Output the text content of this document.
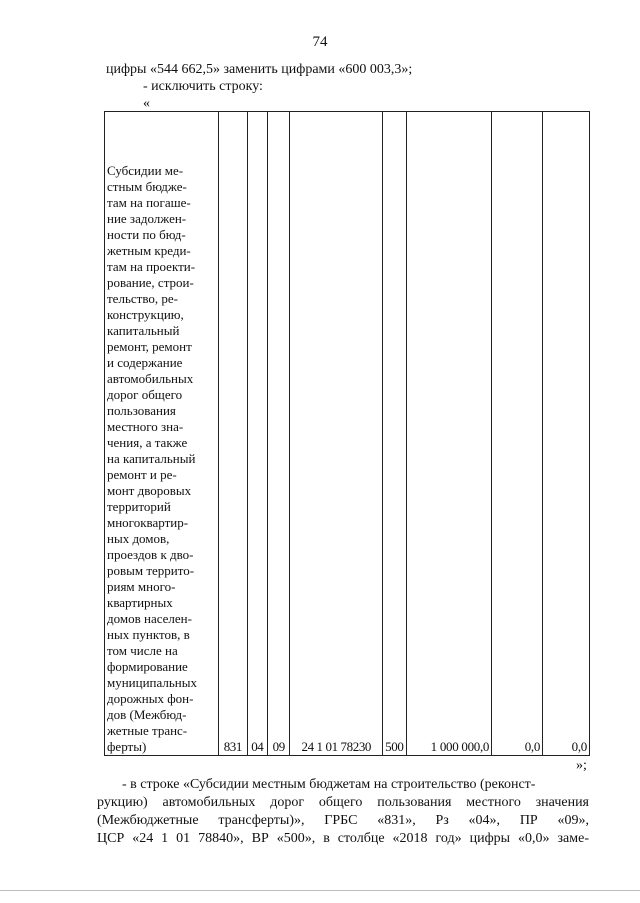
74
цифры «544 662,5» заменить цифрами «600 003,3»;
- исключить строку:
«
Субсидии ме-
стным бюдже-
там на погаше-
ние задолжен-
ности по бюд-
жетным креди-
там на проекти-
рование, строи-
тельство, ре-
конструкцию,
капитальный
ремонт, ремонт
и содержание
автомобильных
дорог общего
пользования
местного зна-
чения, а также
на капитальный
ремонт и ре-
монт дворовых
территорий
многоквартир-
ных домов,
проездов к дво-
ровым террито-
риям много-
квартирных
домов населен-
ных пунктов, в
том числе на
формирование
муниципальных
дорожных фон-
дов (Межбюд-
жетные транс-
ферты)	831	04	09	24 1 01 78230	500	1 000 000,0	0,0	0,0
»;
- в строке «Субсидии местным бюджетам на строительство (реконст-
рукцию) автомобильных дорог общего пользования местного значения
(Межбюджетные трансферты)», ГРБС «831», Рз «04», ПР «09»,
ЦСР «24 1 01 78840», ВР «500», в столбце «2018 год» цифры «0,0» заме-
